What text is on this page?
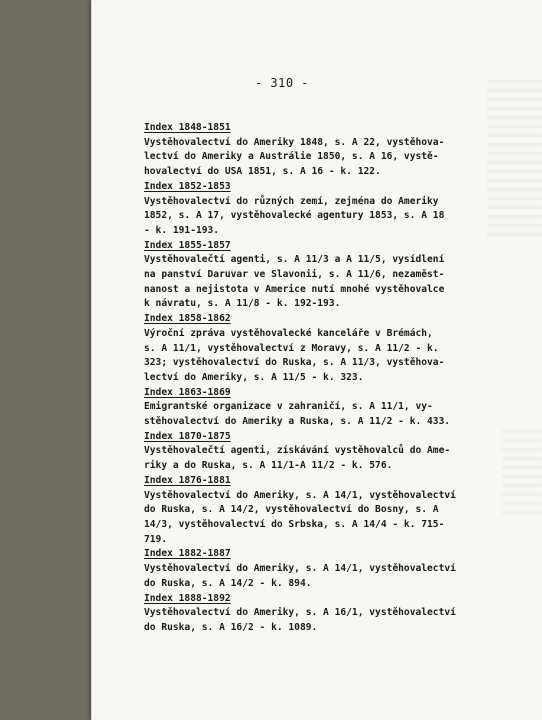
- 310 -
Index 1848-1851
Vystěhovalectví do Ameriky 1848, s. A 22, vystěhova-
lectví do Ameriky a Austrálie 1850, s. A 16, vystě-
hovalectví do USA 1851, s. A 16 - k. 122.
Index 1852-1853
Vystěhovalectví do různých zemí, zejména do Ameriky
1852, s. A 17, vystěhovalecké agentury 1853, s. A 18
- k. 191-193.
Index 1855-1857
Vystěhovalečtí agenti, s. A 11/3 a A 11/5, vysídlení
na panství Daruvar ve Slavonii, s. A 11/6, nezaměst-
nanost a nejistota v Americe nutí mnohé vystěhovalce
k návratu, s. A 11/8 - k. 192-193.
Index 1858-1862
Výroční zpráva vystěhovalecké kanceláře v Brémách,
s. A 11/1, vystěhovalectví z Moravy, s. A 11/2 - k.
323; vystěhovalectví do Ruska, s. A 11/3, vystěhova-
lectví do Ameriky, s. A 11/5 - k. 323.
Index 1863-1869
Emigrantské organizace v zahraničí, s. A 11/1, vy-
stěhovalectví do Ameriky a Ruska, s. A 11/2 - k. 433.
Index 1870-1875
Vystěhovalečtí agenti, získávání vystěhovalců do Ame-
riky a do Ruska, s. A 11/1-A 11/2 - k. 576.
Index 1876-1881
Vystěhovalectví do Ameriky, s. A 14/1, vystěhovalectví
do Ruska, s. A 14/2, vystěhovalectví do Bosny, s. A
14/3, vystěhovalectví do Srbska, s. A 14/4 - k. 715-
719.
Index 1882-1887
Vystěhovalectví do Ameriky, s. A 14/1, vystěhovalectví
do Ruska, s. A 14/2 - k. 894.
Index 1888-1892
Vystěhovalectví do Ameriky, s. A 16/1, vystěhovalectví
do Ruska, s. A 16/2 - k. 1089.
